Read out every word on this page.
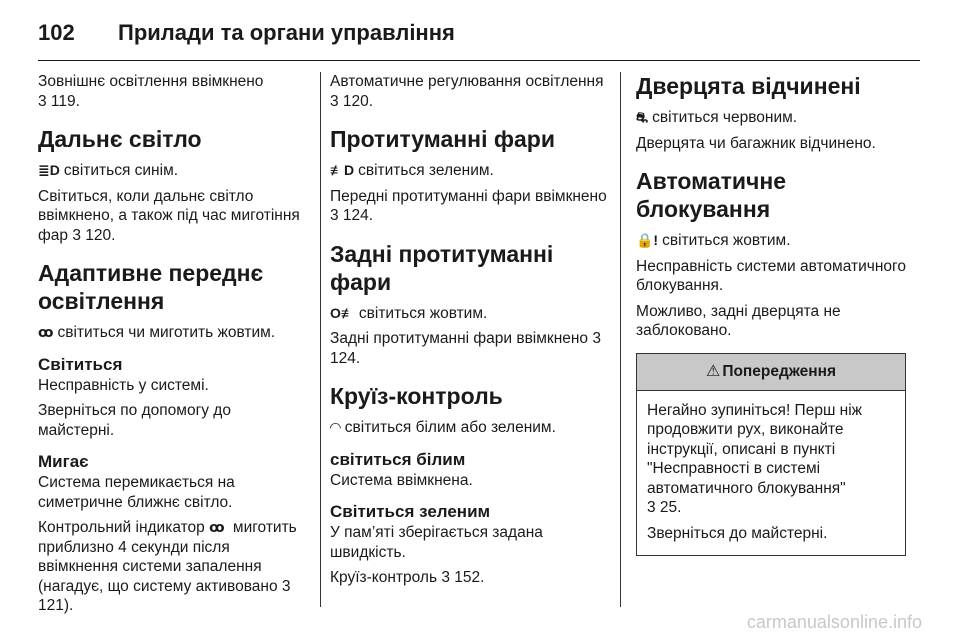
102 Прилади та органи управління

Зовнішнє освітлення ввімкнено
3 119.

Дальнє світло

≣D світиться синім.

Світиться, коли дальнє світло ввімкнено, а також під час миготіння фар 3 120.

Адаптивне переднє освітлення

ꝏ світиться чи миготить жовтим.

Світиться

Несправність у системі.

Зверніться по допомогу до майстерні.

Мигає

Система перемикається на симетричне ближнє світло.

Контрольний індикатор ꝏ миготить приблизно 4 секунди після ввімкнення системи запалення (нагадує, що систему активовано 3 121).

Автоматичне регулювання освітлення 3 120.

Протитуманні фари

≢D світиться зеленим.

Передні протитуманні фари ввімкнено 3 124.

Задні протитуманні фари

O≢ світиться жовтим.

Задні протитуманні фари ввімкнено 3 124.

Круїз-контроль

◠ світиться білим або зеленим.

світиться білим

Система ввімкнена.

Світиться зеленим

У пам’яті зберігається задана швидкість.

Круїз-контроль 3 152.

Дверцята відчинені

⛐ світиться червоним.

Дверцята чи багажник відчинено.

Автоматичне блокування

🔒! світиться жовтим.

Несправність системи автоматичного блокування.

Можливо, задні дверцята не заблоковано.

⚠ Попередження

Негайно зупиніться! Перш ніж продовжити рух, виконайте інструкції, описані в пункті "Несправності в системі автоматичного блокування"
3 25.

Зверніться до майстерні.

carmanualsonline.info
